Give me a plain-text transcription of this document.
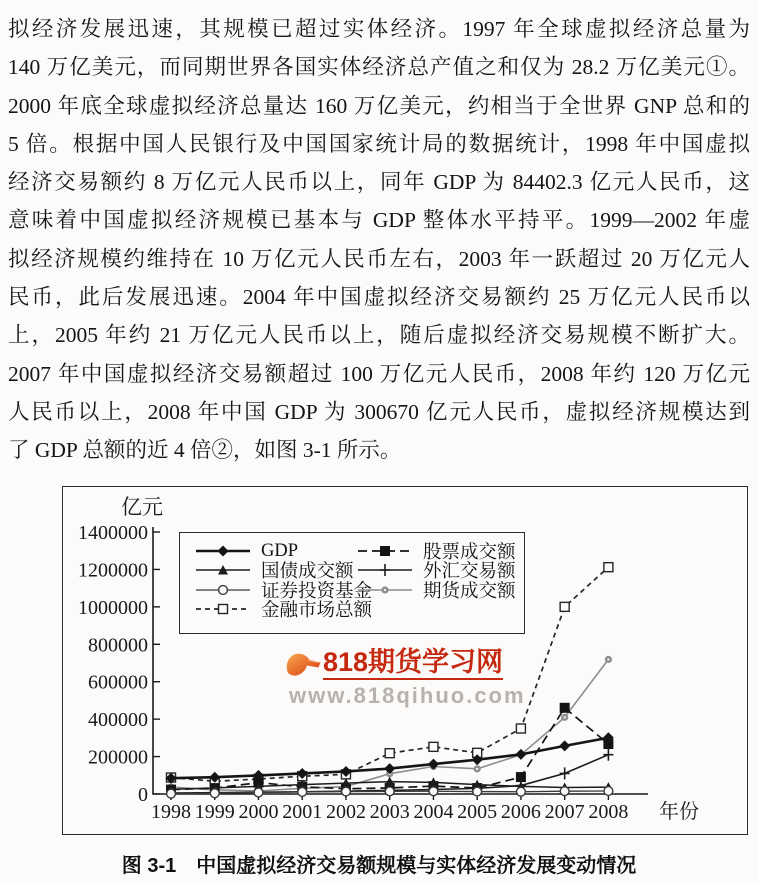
拟经济发展迅速，其规模已超过实体经济。1997 年全球虚拟经济总量为
140 万亿美元，而同期世界各国实体经济总产值之和仅为 28.2 万亿美元①。
2000 年底全球虚拟经济总量达 160 万亿美元，约相当于全世界 GNP 总和的
5 倍。根据中国人民银行及中国国家统计局的数据统计，1998 年中国虚拟
经济交易额约 8 万亿元人民币以上，同年 GDP 为 84402.3 亿元人民币，这
意味着中国虚拟经济规模已基本与 GDP 整体水平持平。1999—2002 年虚
拟经济规模约维持在 10 万亿元人民币左右，2003 年一跃超过 20 万亿元人
民币，此后发展迅速。2004 年中国虚拟经济交易额约 25 万亿元人民币以
上，2005 年约 21 万亿元人民币以上，随后虚拟经济交易规模不断扩大。
2007 年中国虚拟经济交易额超过 100 万亿元人民币，2008 年约 120 万亿元
人民币以上，2008 年中国 GDP 为 300670 亿元人民币，虚拟经济规模达到
了 GDP 总额的近 4 倍②，如图 3-1 所示。
亿元
0
200000
400000
600000
800000
1000000
1200000
1400000
1998 1999 2000 2001 2002 2003 2004 2005 2006 2007 2008 年份
GDP
国债成交额
证券投资基金
金融市场总额
股票成交额
外汇交易额
期货成交额
818期货学习网
www.818qihuo.com
图 3-1 中国虚拟经济交易额规模与实体经济发展变动情况
